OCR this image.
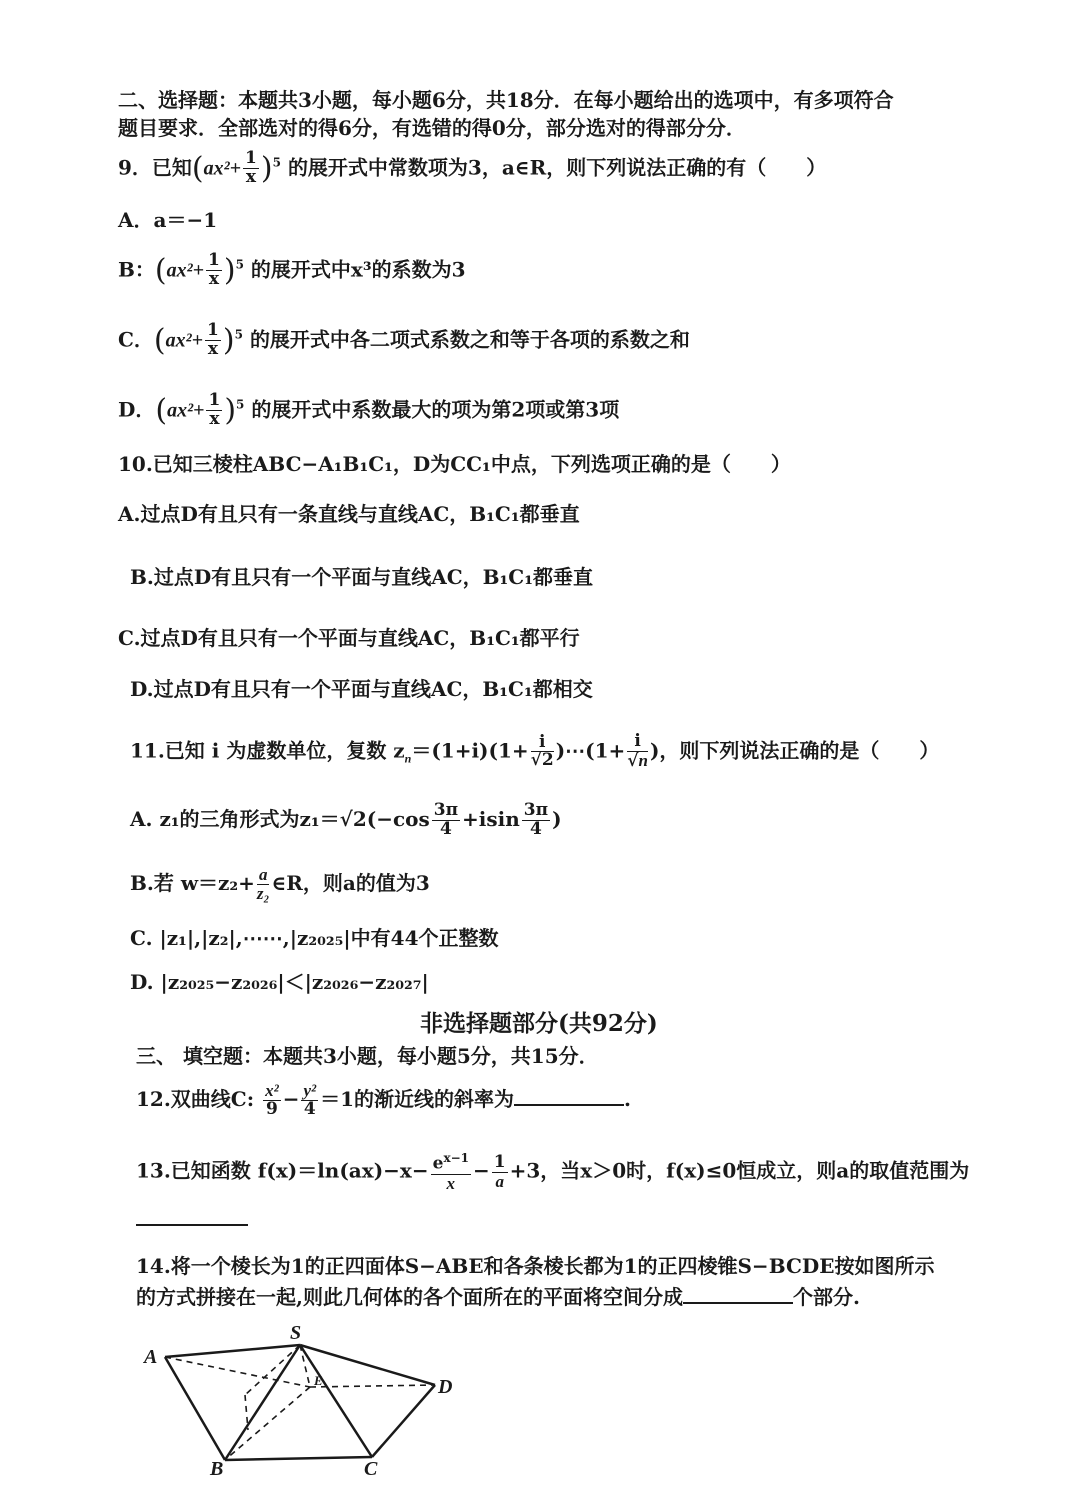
二、选择题：本题共3小题，每小题6分，共18分．在每小题给出的选项中，有多项符合
题目要求．全部选对的得6分，有选错的得0分，部分选对的得部分分．
9．已知$(ax^2+ \frac{1}{x} )^5$ 的展开式中常数项为3，a∈R，则下列说法正确的有（　　）
A．a＝−1
B：$(ax^2+ \frac{1}{x} )^5$ 的展开式中x³的系数为3
C．$(ax^2+ \frac{1}{x} )^5$ 的展开式中各二项式系数之和等于各项的系数之和
D．$(ax^2+ \frac{1}{x} )^5$ 的展开式中系数最大的项为第2项或第3项
10.已知三棱柱ABC−A₁B₁C₁，D为CC₁中点，下列选项正确的是（　　）
A.过点D有且只有一条直线与直线AC，B₁C₁都垂直
B.过点D有且只有一个平面与直线AC，B₁C₁都垂直
C.过点D有且只有一个平面与直线AC，B₁C₁都平行
D.过点D有且只有一个平面与直线AC，B₁C₁都相交
11.已知 i 为虚数单位，复数 $z_n=(1+i)(1+ \frac{i}{√2}$ )⋯(1+ $\frac{i}{√n}$ )，则下列说法正确的是（　　）
A. z₁的三角形式为$z_1=√2(-\cos \frac{3\pi}{4} +isin \frac{3\pi}{4}$ )
B.若 $w=z_2+ \frac{a}{\text{z₂}}$ ∈R，则a的值为3
C. |z₁|,|z₂|,⋯⋯,|z₂₀₂₅|中有44个正整数
D. |z₂₀₂₅−z₂₀₂₆|＜|z₂₀₂₆−z₂₀₂₇|
非选择题部分(共92分)
三、 填空题：本题共3小题，每小题5分，共15分．
12.双曲线C: $\frac{\text{x²}}{9} - \frac{\text{y²}}{4} =1$的渐近线的斜率为	.
13.已知函数 $f(x)=\ln(ax)-x- \frac{e^{x-1}}{x} - \frac{1}{a} +3$，当x＞0时，f(x)≤0恒成立，则a的取值范围为
14.将一个棱长为1的正四面体S−ABE和各条棱长都为1的正四棱锥S−BCDE按如图所示
的方式拼接在一起,则此几何体的各个面所在的平面将空间分成	个部分.
A
S
D
B	C
E
